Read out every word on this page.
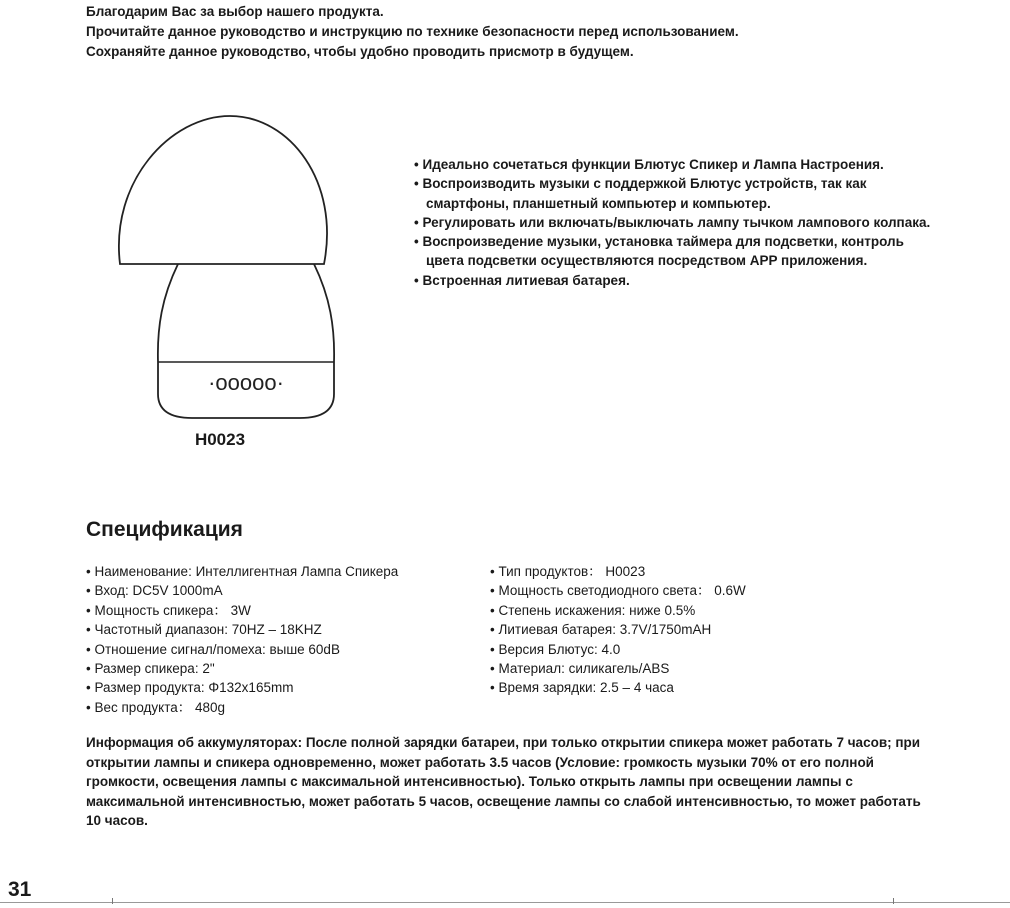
Благодарим Вас за выбор нашего продукта.
Прочитайте данное руководство и инструкцию по технике безопасности перед использованием.
Сохраняйте данное руководство, чтобы удобно проводить присмотр в будущем.
·ooooo·
H0023
• Идеально сочетаться функции Блютус Спикер и Лампа Настроения.
• Воспроизводить музыки с поддержкой Блютус устройств, так как смартфоны, планшетный компьютер и компьютер.
• Регулировать или включать/выключать лампу тычком лампового колпака.
• Воспроизведение музыки, установка таймера для подсветки, контроль цвета подсветки осуществляются посредством APP приложения.
• Встроенная литиевая батарея.
Спецификация
• Наименование: Интеллигентная Лампа Спикера
• Вход: DC5V 1000mA
• Мощность спикера： 3W
• Частотный диапазон: 70HZ – 18KHZ
• Отношение сигнал/помеха: выше 60dB
• Размер спикера: 2"
• Размер продукта: Φ132x165mm
• Вес продукта： 480g
• Тип продуктов： H0023
• Мощность светодиодного света： 0.6W
• Степень искажения: ниже 0.5%
• Литиевая батарея: 3.7V/1750mAH
• Версия Блютус: 4.0
• Материал: силикагель/ABS
• Время зарядки: 2.5 – 4 часа
Информация об аккумуляторах: После полной зарядки батареи, при только открытии спикера может работать 7 часов; при открытии лампы и спикера одновременно, может работать 3.5 часов (Условие: громкость музыки 70% от его полной громкости, освещения лампы с максимальной интенсивностью). Только открыть лампы при освещении лампы с максимальной интенсивностью, может работать 5 часов, освещение лампы со слабой интенсивностью, то может работать 10 часов.
31
